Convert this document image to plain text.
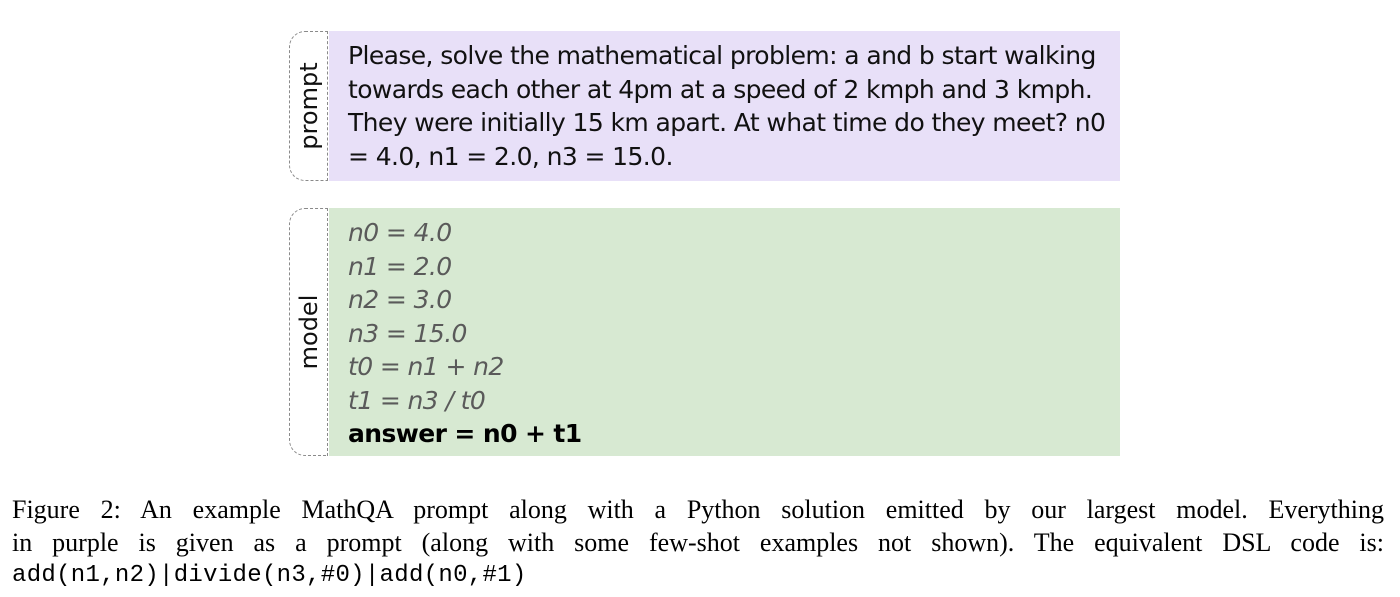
prompt

Please, solve the mathematical problem: a and b start walking towards each other at 4pm at a speed of 2 kmph and 3 kmph. They were initially 15 km apart. At what time do they meet? n0 = 4.0, n1 = 2.0, n3 = 15.0.

model
n0 = 4.0
n1 = 2.0
n2 = 3.0
n3 = 15.0
t0 = n1 + n2
t1 = n3 / t0
answer = n0 + t1
Figure 2: An example MathQA prompt along with a Python solution emitted by our largest model. Everything
in purple is given as a prompt (along with some few-shot examples not shown). The equivalent DSL code is:
add(n1,n2)|divide(n3,#0)|add(n0,#1)
